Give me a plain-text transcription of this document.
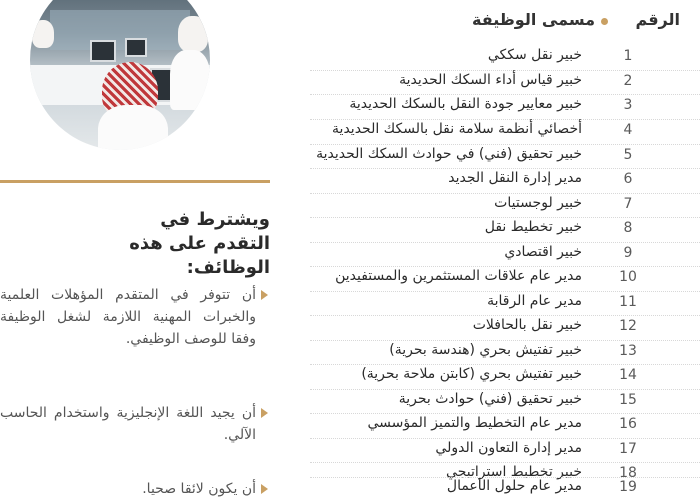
ويشترط في التقدم على هذه الوظائف:
أن تتوفر في المتقدم المؤهلات العلمية والخبرات المهنية اللازمة لشغل الوظيفة وفقا للوصف الوظيفي.
أن يجيد اللغة الإنجليزية واستخدام الحاسب الآلي.
أن يكون لائقا صحيا.
الرقم
مسمى الوظيفة
1
خبير نقل سككي
2
خبير قياس أداء السكك الحديدية
3
خبير معايير جودة النقل بالسكك الحديدية
4
أخصائي أنظمة سلامة نقل بالسكك الحديدية
5
خبير تحقيق (فني) في حوادث السكك الحديدية
6
مدير إدارة النقل الجديد
7
خبير لوجستيات
8
خبير تخطيط نقل
9
خبير اقتصادي
10
مدير عام علاقات المستثمرين والمستفيدين
11
مدير عام الرقابة
12
خبير نقل بالحافلات
13
خبير تفتيش بحري (هندسة بحرية)
14
خبير تفتيش بحري (كابتن ملاحة بحرية)
15
خبير تحقيق (فني) حوادث بحرية
16
مدير عام التخطيط والتميز المؤسسي
17
مدير إدارة التعاون الدولي
18
خبير تخطيط استراتيجي
19
مدير عام حلول الأعمال
